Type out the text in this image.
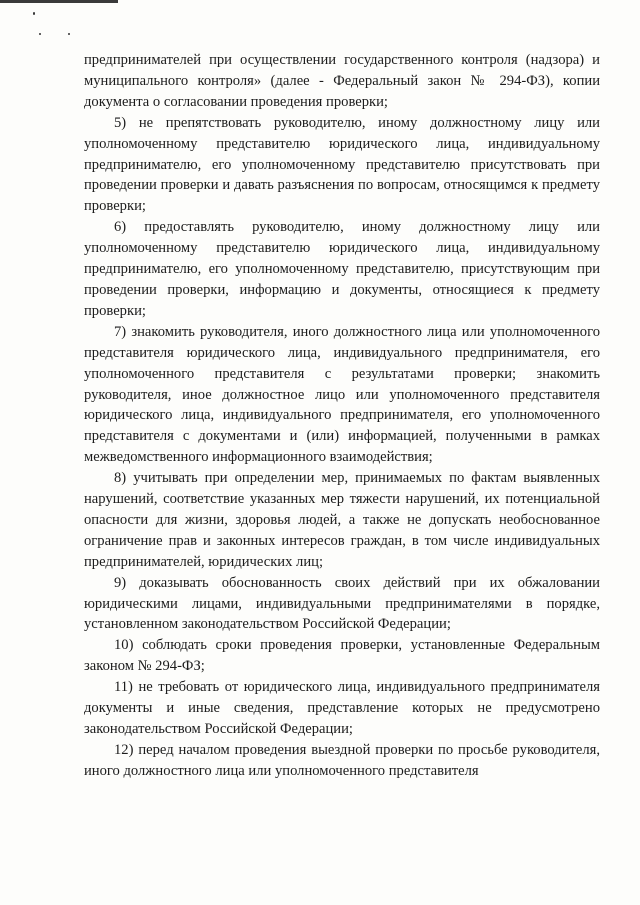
предпринимателей при осуществлении государственного контроля (надзора) и муниципального контроля» (далее - Федеральный закон № 294-ФЗ), копии документа о согласовании проведения проверки;

5) не препятствовать руководителю, иному должностному лицу или уполномоченному представителю юридического лица, индивидуальному предпринимателю, его уполномоченному представителю присутствовать при проведении проверки и давать разъяснения по вопросам, относящимся к предмету проверки;

6) предоставлять руководителю, иному должностному лицу или уполномоченному представителю юридического лица, индивидуальному предпринимателю, его уполномоченному представителю, присутствующим при проведении проверки, информацию и документы, относящиеся к предмету проверки;

7) знакомить руководителя, иного должностного лица или уполномоченного представителя юридического лица, индивидуального предпринимателя, его уполномоченного представителя с результатами проверки; знакомить руководителя, иное должностное лицо или уполномоченного представителя юридического лица, индивидуального предпринимателя, его уполномоченного представителя с документами и (или) информацией, полученными в рамках межведомственного информационного взаимодействия;

8) учитывать при определении мер, принимаемых по фактам выявленных нарушений, соответствие указанных мер тяжести нарушений, их потенциальной опасности для жизни, здоровья людей, а также не допускать необоснованное ограничение прав и законных интересов граждан, в том числе индивидуальных предпринимателей, юридических лиц;

9) доказывать обоснованность своих действий при их обжаловании юридическими лицами, индивидуальными предпринимателями в порядке, установленном законодательством Российской Федерации;

10) соблюдать сроки проведения проверки, установленные Федеральным законом № 294-ФЗ;

11) не требовать от юридического лица, индивидуального предпринимателя документы и иные сведения, представление которых не предусмотрено законодательством Российской Федерации;

12) перед началом проведения выездной проверки по просьбе руководителя, иного должностного лица или уполномоченного представителя
